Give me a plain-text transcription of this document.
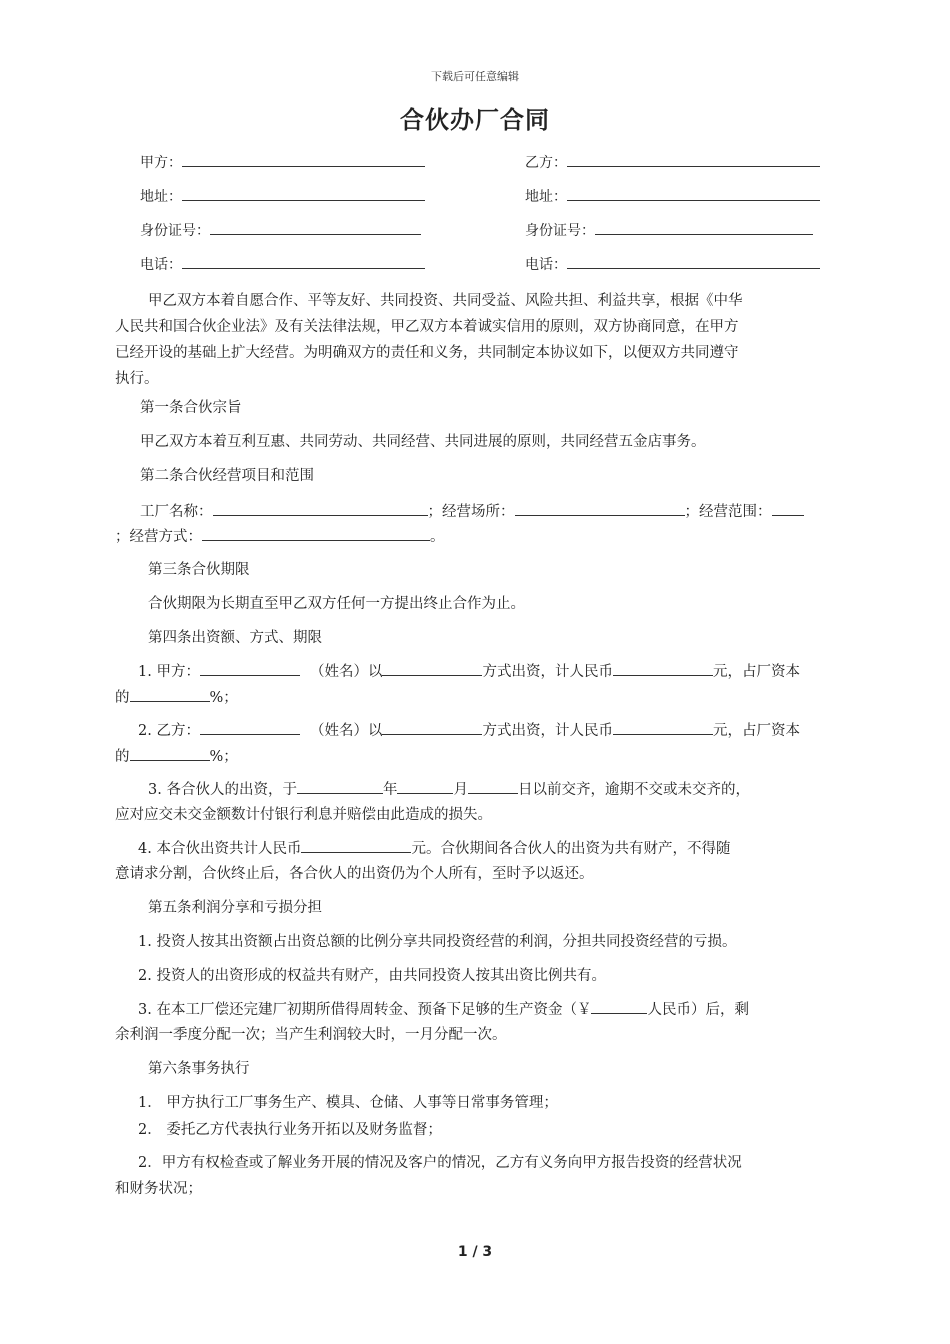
下载后可任意编辑
合伙办厂合同
甲方：	乙方：
地址：	地址：
身份证号：	身份证号：
电话：	电话：
甲乙双方本着自愿合作、平等友好、共同投资、共同受益、风险共担、利益共享，根据《中华
人民共和国合伙企业法》及有关法律法规，甲乙双方本着诚实信用的原则，双方协商同意，在甲方
已经开设的基础上扩大经营。为明确双方的责任和义务，共同制定本协议如下，以便双方共同遵守
执行。
第一条合伙宗旨
甲乙双方本着互利互惠、共同劳动、共同经营、共同进展的原则，共同经营五金店事务。
第二条合伙经营项目和范围
工厂名称：	；经营场所：	；经营范围：
；经营方式：	。
第三条合伙期限
合伙期限为长期直至甲乙双方任何一方提出终止合作为止。
第四条出资额、方式、期限
1. 甲方：	（姓名）以	方式出资，计人民币	元，占厂资本
的	%；
2. 乙方：	（姓名）以	方式出资，计人民币	元，占厂资本
的	%；
3. 各合伙人的出资，于	年	月	日以前交齐，逾期不交或未交齐的，
应对应交未交金额数计付银行利息并赔偿由此造成的损失。
4. 本合伙出资共计人民币	元。合伙期间各合伙人的出资为共有财产，不得随
意请求分割，合伙终止后，各合伙人的出资仍为个人所有，至时予以返还。
第五条利润分享和亏损分担
1. 投资人按其出资额占出资总额的比例分享共同投资经营的利润，分担共同投资经营的亏损。
2. 投资人的出资形成的权益共有财产，由共同投资人按其出资比例共有。
3. 在本工厂偿还完建厂初期所借得周转金、预备下足够的生产资金（￥	人民币）后，剩
余利润一季度分配一次；当产生利润较大时，一月分配一次。
第六条事务执行
1． 甲方执行工厂事务生产、模具、仓储、人事等日常事务管理；
2． 委托乙方代表执行业务开拓以及财务监督；
2．甲方有权检查或了解业务开展的情况及客户的情况，乙方有义务向甲方报告投资的经营状况
和财务状况；
1 / 3
